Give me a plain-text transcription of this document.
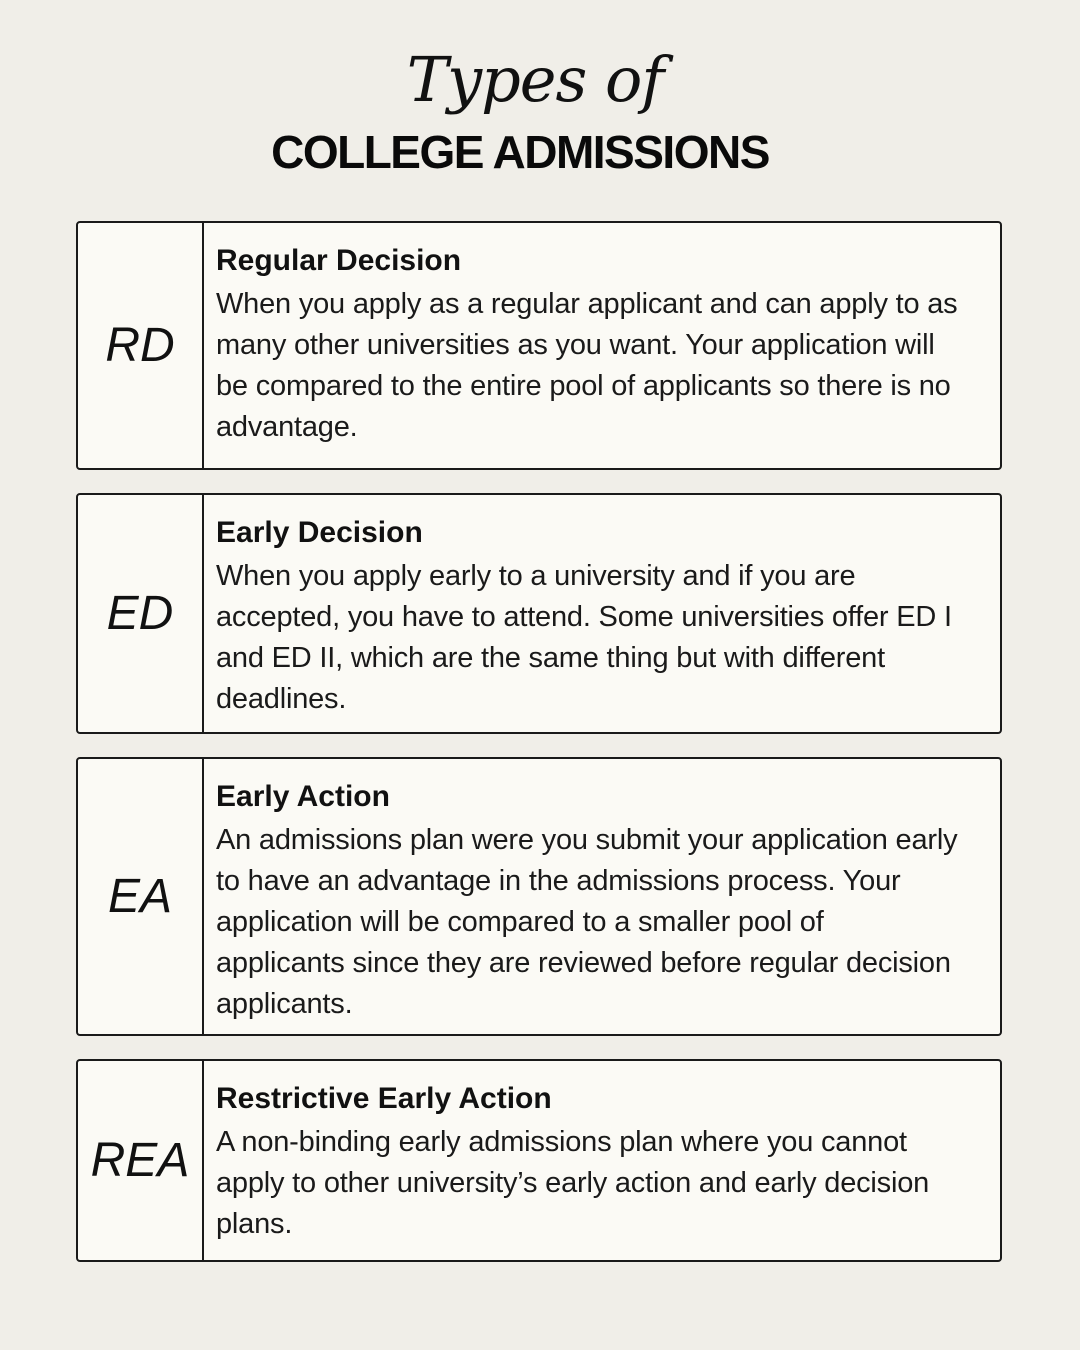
Types of
COLLEGE ADMISSIONS
RD

Regular Decision

When you apply as a regular applicant and can apply to as many other universities as you want. Your application will be compared to the entire pool of applicants so there is no advantage.

ED

Early Decision

When you apply early to a university and if you are accepted, you have to attend. Some universities offer ED I and ED II, which are the same thing but with different deadlines.

EA

Early Action

An admissions plan were you submit your application early to have an advantage in the admissions process. Your application will be compared to a smaller pool of applicants since they are reviewed before regular decision applicants.

REA

Restrictive Early Action

A non-binding early admissions plan where you cannot apply to other university’s early action and early decision plans.
